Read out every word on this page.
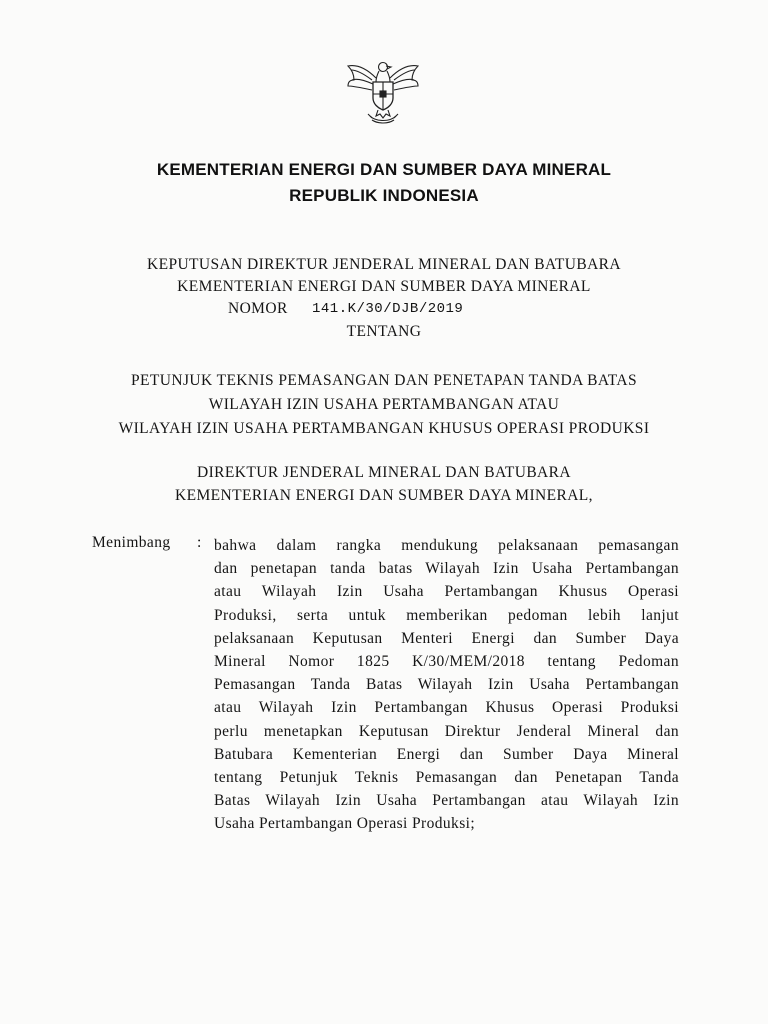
KEMENTERIAN ENERGI DAN SUMBER DAYA MINERAL
REPUBLIK INDONESIA
KEPUTUSAN DIREKTUR JENDERAL MINERAL DAN BATUBARA
KEMENTERIAN ENERGI DAN SUMBER DAYA MINERAL
NOMOR 141.K/30/DJB/2019
TENTANG
PETUNJUK TEKNIS PEMASANGAN DAN PENETAPAN TANDA BATAS
WILAYAH IZIN USAHA PERTAMBANGAN ATAU
WILAYAH IZIN USAHA PERTAMBANGAN KHUSUS OPERASI PRODUKSI
DIREKTUR JENDERAL MINERAL DAN BATUBARA
KEMENTERIAN ENERGI DAN SUMBER DAYA MINERAL,
Menimbang : bahwa dalam rangka mendukung pelaksanaan pemasangan
dan penetapan tanda batas Wilayah Izin Usaha Pertambangan
atau Wilayah Izin Usaha Pertambangan Khusus Operasi
Produksi, serta untuk memberikan pedoman lebih lanjut
pelaksanaan Keputusan Menteri Energi dan Sumber Daya
Mineral Nomor 1825 K/30/MEM/2018 tentang Pedoman
Pemasangan Tanda Batas Wilayah Izin Usaha Pertambangan
atau Wilayah Izin Pertambangan Khusus Operasi Produksi
perlu menetapkan Keputusan Direktur Jenderal Mineral dan
Batubara Kementerian Energi dan Sumber Daya Mineral
tentang Petunjuk Teknis Pemasangan dan Penetapan Tanda
Batas Wilayah Izin Usaha Pertambangan atau Wilayah Izin
Usaha Pertambangan Operasi Produksi;
